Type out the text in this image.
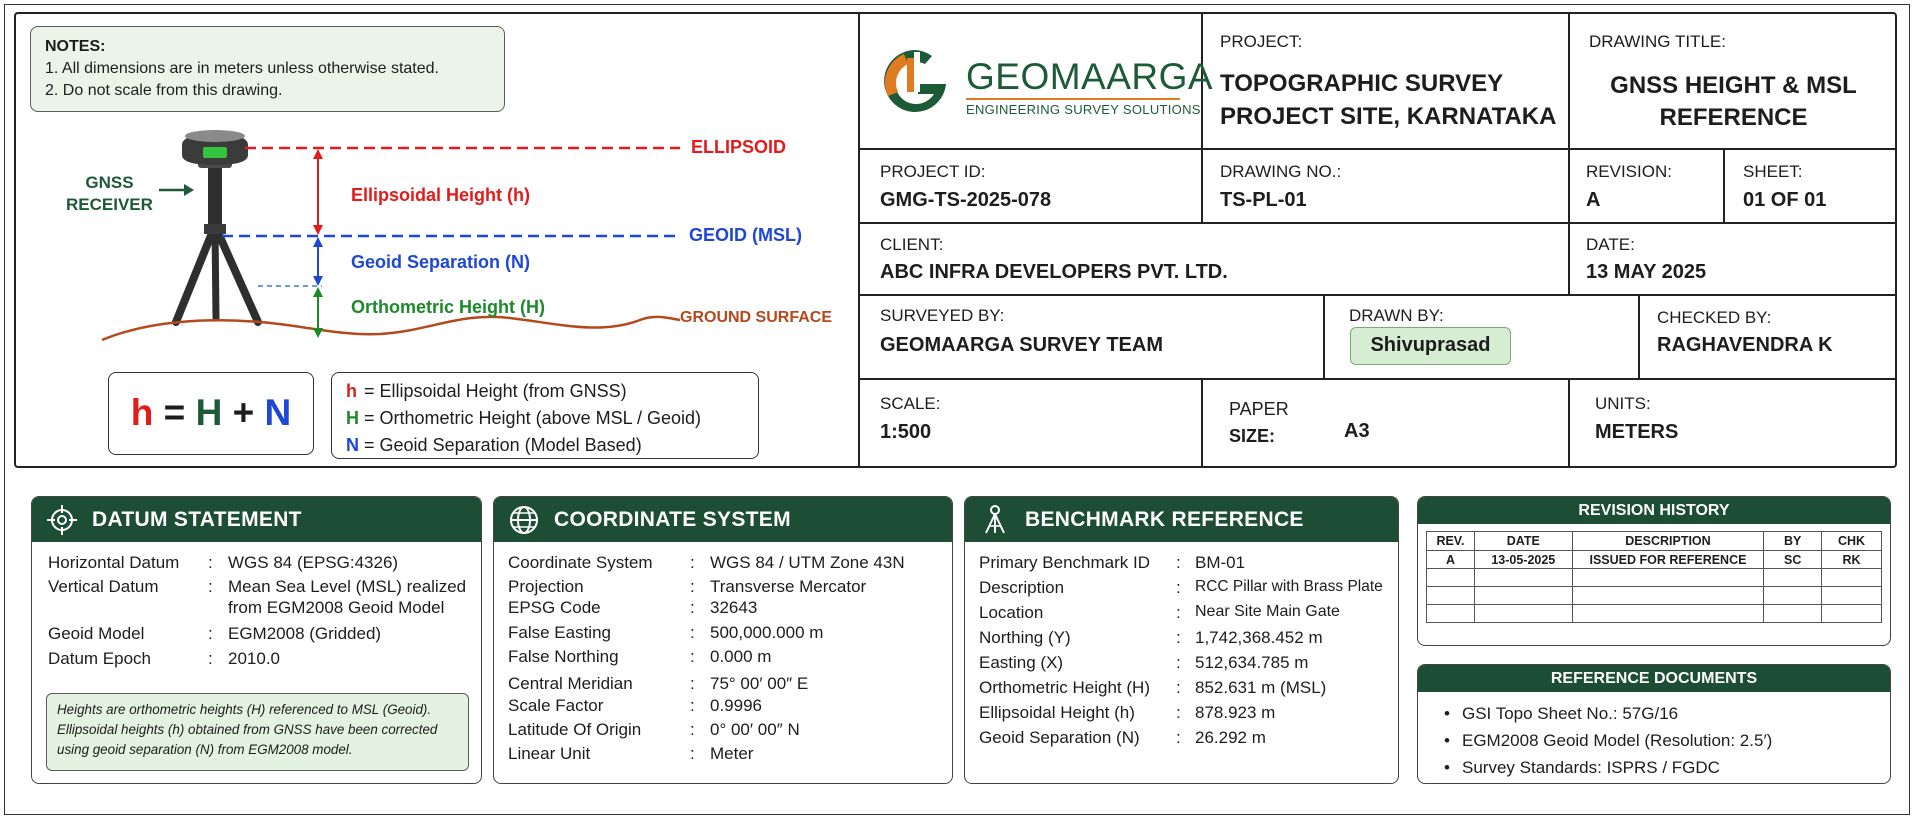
NOTES:
1. All dimensions are in meters unless otherwise stated.
2. Do not scale from this drawing.
GNSS
RECEIVER
ELLIPSOID
GEOID (MSL)
GROUND SURFACE
Ellipsoidal Height (h)
Geoid Separation (N)
Orthometric Height (H)
h = H + N
h = Ellipsoidal Height (from GNSS)
H = Orthometric Height (above MSL / Geoid)
N = Geoid Separation (Model Based)
GEOMAARGA
ENGINEERING SURVEY SOLUTIONS
PROJECT:
TOPOGRAPHIC SURVEY
PROJECT SITE, KARNATAKA
DRAWING TITLE:
GNSS HEIGHT & MSL
REFERENCE
PROJECT ID:
GMG-TS-2025-078
DRAWING NO.:
TS-PL-01
REVISION:
A
SHEET:
01 OF 01
CLIENT:
ABC INFRA DEVELOPERS PVT. LTD.
DATE:
13 MAY 2025
SURVEYED BY:
GEOMAARGA SURVEY TEAM
DRAWN BY:
Shivuprasad
CHECKED BY:
RAGHAVENDRA K
SCALE:
1:500
PAPER
SIZE:	A3
UNITS:
METERS
DATUM STATEMENT
Horizontal Datum : WGS 84 (EPSG:4326)
Vertical Datum	: Mean Sea Level (MSL) realized
from EGM2008 Geoid Model
Geoid Model	: EGM2008 (Gridded)
Datum Epoch	: 2010.0
Heights are orthometric heights (H) referenced to MSL (Geoid). Ellipsoidal heights (h) obtained from GNSS have been corrected using geoid separation (N) from EGM2008 model.
COORDINATE SYSTEM
Coordinate System : WGS 84 / UTM Zone 43N
Projection	: Transverse Mercator
EPSG Code	: 32643
False Easting	: 500,000.000 m
False Northing	: 0.000 m
Central Meridian	: 75° 00′ 00″ E
Scale Factor	: 0.9996
Latitude Of Origin	: 0° 00′ 00″ N
Linear Unit	: Meter
BENCHMARK REFERENCE
Primary Benchmark ID : BM-01
Description	: RCC Pillar with Brass Plate
Location	: Near Site Main Gate
Northing (Y)	: 1,742,368.452 m
Easting (X)	: 512,634.785 m
Orthometric Height (H) : 852.631 m (MSL)
Ellipsoidal Height (h) : 878.923 m
Geoid Separation (N) : 26.292 m
REVISION HISTORY
REV.	DATE	DESCRIPTION	BY	CHK
A	13-05-2025	ISSUED FOR REFERENCE	SC	RK

REFERENCE DOCUMENTS
• GSI Topo Sheet No.: 57G/16
• EGM2008 Geoid Model (Resolution: 2.5′)
• Survey Standards: ISPRS / FGDC
